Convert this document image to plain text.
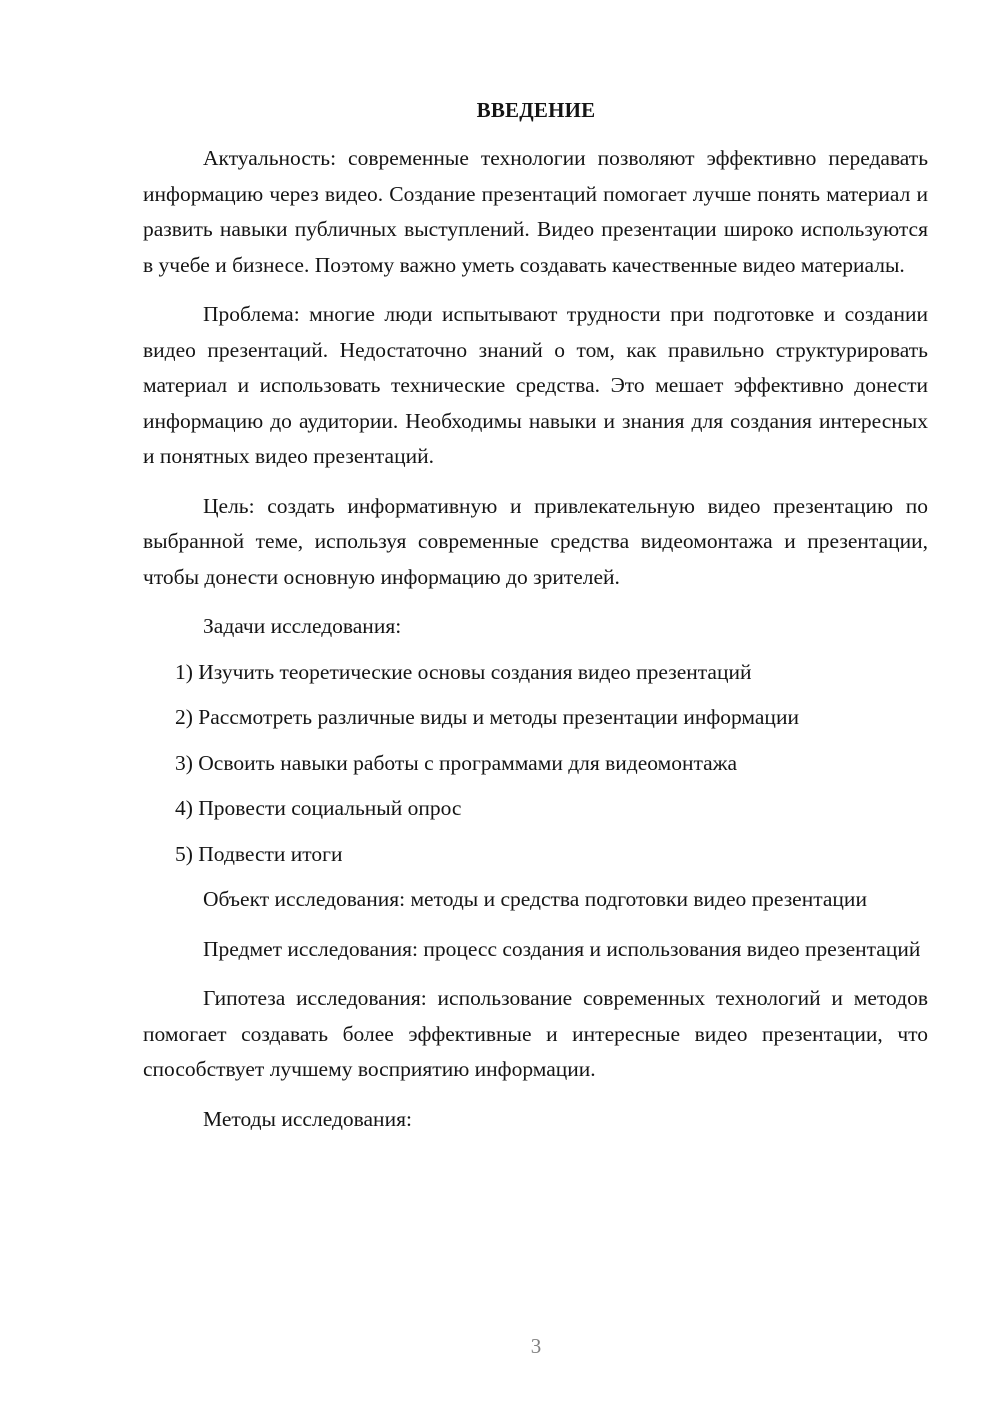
ВВЕДЕНИЕ

Актуальность: современные технологии позволяют эффективно передавать информацию через видео. Создание презентаций помогает лучше понять материал и развить навыки публичных выступлений. Видео презентации широко используются в учебе и бизнесе. Поэтому важно уметь создавать качественные видео материалы.

Проблема: многие люди испытывают трудности при подготовке и создании видео презентаций. Недостаточно знаний о том, как правильно структурировать материал и использовать технические средства. Это мешает эффективно донести информацию до аудитории. Необходимы навыки и знания для создания интересных и понятных видео презентаций.

Цель: создать информативную и привлекательную видео презентацию по выбранной теме, используя современные средства видеомонтажа и презентации, чтобы донести основную информацию до зрителей.

Задачи исследования:

1) Изучить теоретические основы создания видео презентаций

2) Рассмотреть различные виды и методы презентации информации

3) Освоить навыки работы с программами для видеомонтажа

4) Провести социальный опрос

5) Подвести итоги

Объект исследования: методы и средства подготовки видео презентации

Предмет исследования: процесс создания и использования видео презентаций

Гипотеза исследования: использование современных технологий и методов помогает создавать более эффективные и интересные видео презентации, что способствует лучшему восприятию информации.

Методы исследования:

3
